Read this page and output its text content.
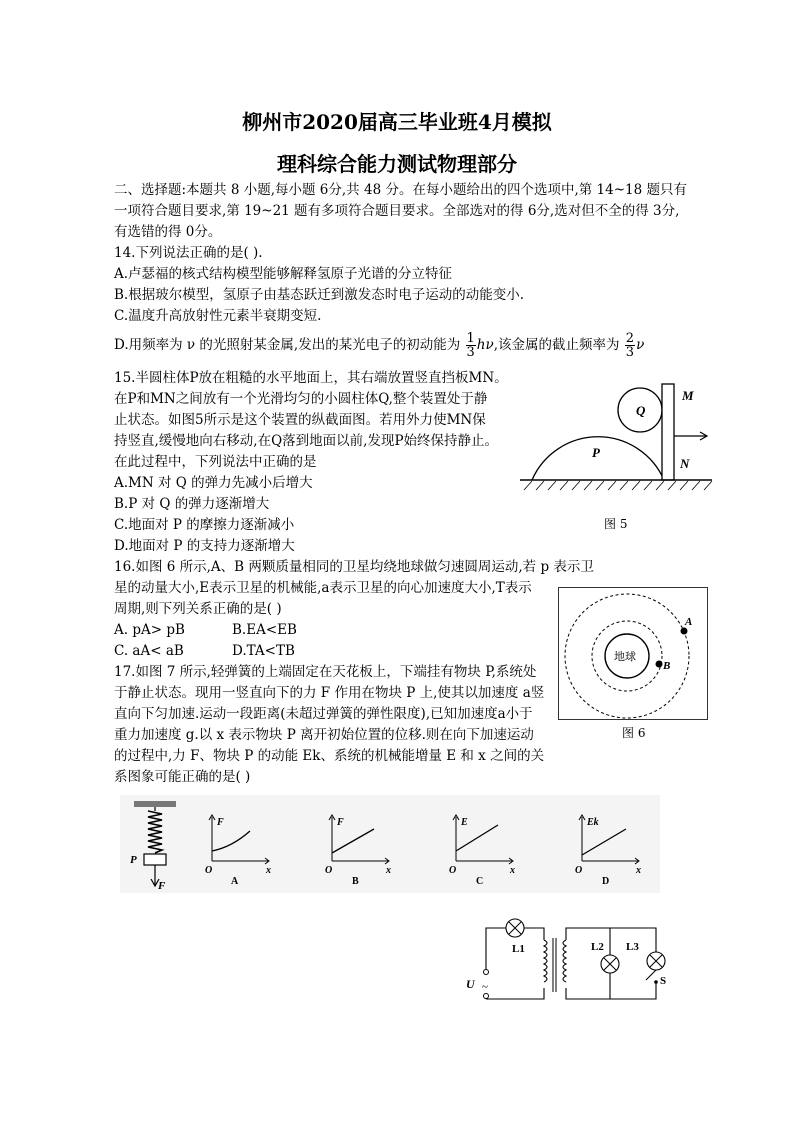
柳州市2020届高三毕业班4月模拟
理科综合能力测试物理部分
二、选择题:本题共 8 小题,每小题 6分,共 48 分。在每小题给出的四个选项中,第 14~18 题只有
一项符合题目要求,第 19~21 题有多项符合题目要求。全部选对的得 6分,选对但不全的得 3分,
有选错的得 0分。
14.下列说法正确的是( ).
A.卢瑟福的核式结构模型能够解释氢原子光谱的分立特征
B.根据玻尔模型，氢原子由基态跃迁到激发态时电子运动的动能变小.
C.温度升高放射性元素半衰期变短.
D.用频率为 ν 的光照射某金属,发出的某光电子的初动能为 $\frac{1}{3} h\nu$,该金属的截止频率为 $\frac{2}{3}$ ν
15.半圆柱体P放在粗糙的水平地面上，其右端放置竖直挡板MN。
在P和MN之间放有一个光滑均匀的小圆柱体Q,整个装置处于静
止状态。如图5所示是这个装置的纵截面图。若用外力使MN保
持竖直,缓慢地向右移动,在Q落到地面以前,发现P始终保持静止。
在此过程中，下列说法中正确的是
A.MN 对 Q 的弹力先减小后增大
B.P 对 Q 的弹力逐渐增大
C.地面对 P 的摩擦力逐渐减小
D.地面对 P 的支持力逐渐增大
Q
P
M
N
图 5
16.如图 6 所示,A、B 两颗质量相同的卫星均绕地球做匀速圆周运动,若 p 表示卫
星的动量大小,E表示卫星的机械能,a表示卫星的向心加速度大小,T表示
周期,则下列关系正确的是( )
A. pA> pB	B.EA<EB
C. aA< aB	D.TA<TB	地球
A
B
图 6
17.如图 7 所示,轻弹簧的上端固定在天花板上，下端挂有物块 P,系统处
于静止状态。现用一竖直向下的力 F 作用在物块 P 上,使其以加速度 a竖
直向下匀加速.运动一段距离(未超过弹簧的弹性限度),已知加速度a小于
重力加速度 g.以 x 表示物块 P 离开初始位置的位移.则在向下加速运动
的过程中,力 F、物块 P 的动能 Ek、系统的机械能增量 E 和 x 之间的关
系图象可能正确的是( )
P
F
F
O	x
A
F
O	x
B
E
O	x
C
Ek
O	x
D
U ~
L1	L2 L3
S
